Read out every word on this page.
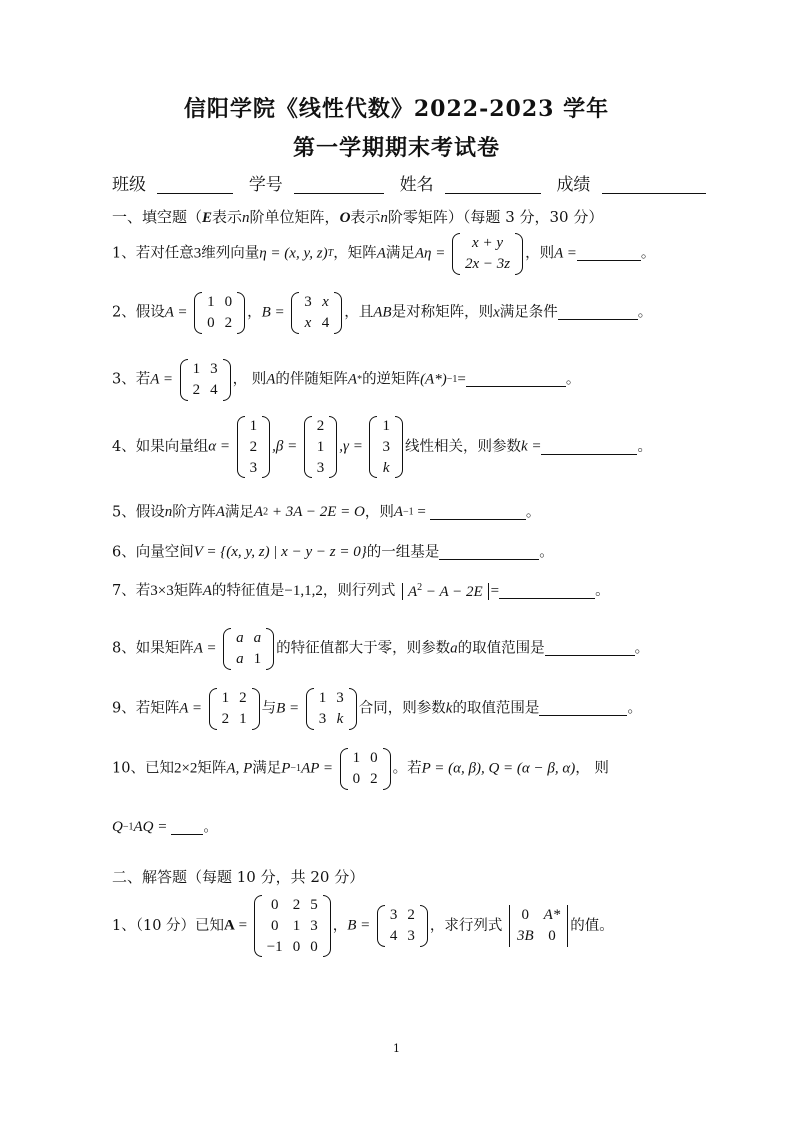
信阳学院《线性代数》2022-2023 学年
第一学期期末考试卷
班级	学号	姓名	成绩
一、填空题（E表示n阶单位矩阵，O表示n阶零矩阵）（每题 3 分，30 分）
1、若对任意3维列向量η = (x, y, z)T，矩阵A满足Aη =
x + y
2x − 3z
，则A =	。
2、假设A =
1	0
0	2
，B =
3	x
x	4
，且AB是对称矩阵，则x满足条件	。
3、若A =
1	3
2	4
， 则A的伴随矩阵A*的逆矩阵(A*)−1=	。
4、如果向量组α =
1
2
3
,β =
2
1
3
,γ =
1
3
k
线性相关，则参数k =	。
5、假设n阶方阵A满足A2 + 3A − 2E = O，则A−1 =	。
6、向量空间V = {(x, y, z) | x − y − z = 0}的一组基是	。
7、若3×3矩阵A的特征值是−1,1,2，则行列式 $A^2 - A - 2E$ =	。
8、如果矩阵A =
a	a
a	1
的特征值都大于零，则参数a的取值范围是	。
9、若矩阵A =
1	2
2	1
与B =
1	3
3	k
合同，则参数k的取值范围是	。
10、已知2×2矩阵A, P满足P−1AP =
1	0
0	2
。若P = (α, β), Q = (α − β, α)， 则
Q−1AQ = 。
二、解答题（每题 10 分，共 20 分）
1、（10 分）已知A =
0	2	5
0	1	3
−1	0	0
，B =
3	2
4	3
，求行列式
0	A*
3B	0
的值。
1
